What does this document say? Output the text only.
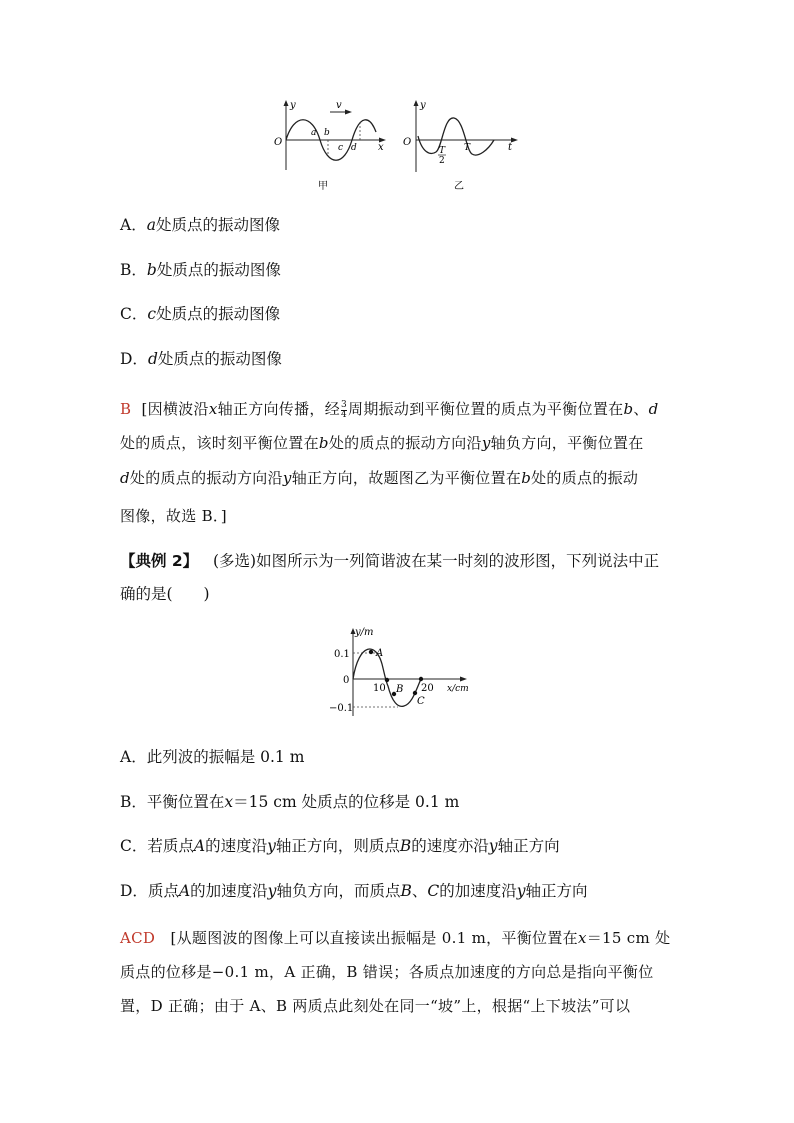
y	v
O
a b
c d x
甲
y
O
T
2
T	t
乙
A．a处质点的振动图像
B．b处质点的振动图像
C．c处质点的振动图像
D．d处质点的振动图像
B [因横波沿x轴正方向传播，经 $\frac{3}{4}$ 周期振动到平衡位置的质点为平衡位置在b、d
处的质点，该时刻平衡位置在b处的质点的振动方向沿y轴负方向，平衡位置在
d处的质点的振动方向沿y轴正方向，故题图乙为平衡位置在b处的质点的振动
图像，故选 B．]
【典例 2】 (多选)如图所示为一列简谐波在某一时刻的波形图，下列说法中正
确的是(　　)
y/m
0.1
0
−0.1
10	20 x/cm
A
B
C
A．此列波的振幅是 0.1 m
B．平衡位置在x＝15 cm 处质点的位移是 0.1 m
C．若质点A的速度沿y轴正方向，则质点B的速度亦沿y轴正方向
D．质点A的加速度沿y轴负方向，而质点B、C的加速度沿y轴正方向
ACD [从题图波的图像上可以直接读出振幅是 0.1 m，平衡位置在x＝15 cm 处
质点的位移是−0.1 m，A 正确，B 错误；各质点加速度的方向总是指向平衡位
置，D 正确；由于 A、B 两质点此刻处在同一“坡”上，根据“上下坡法”可以
